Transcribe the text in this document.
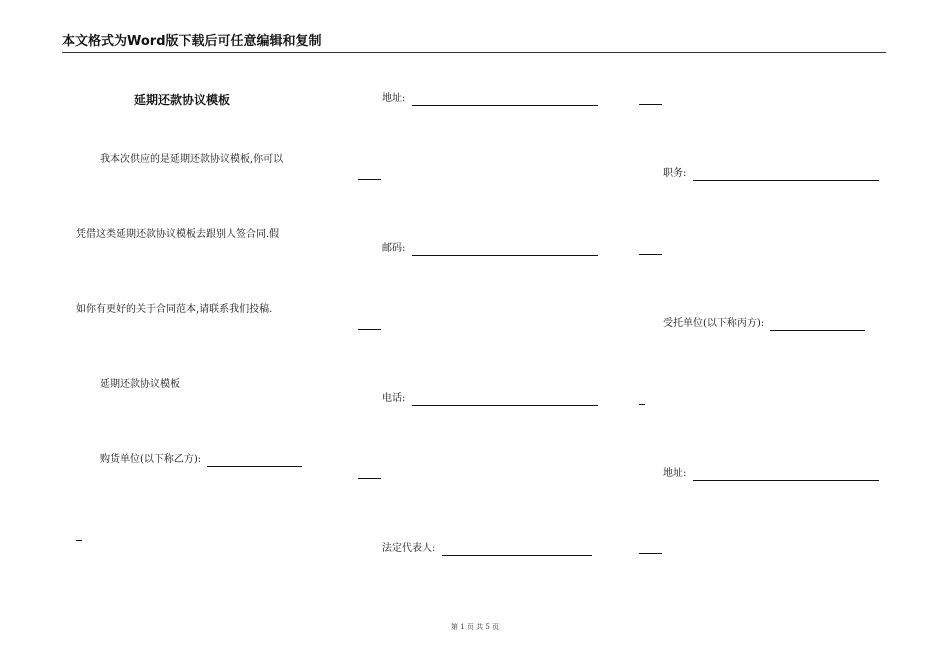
本文格式为Word版下载后可任意编辑和复制
延期还款协议模板
我本次供应的是延期还款协议模板,你可以
凭借这类延期还款协议模板去跟别人签合同.假
如你有更好的关于合同范本,请联系我们投稿.
延期还款协议模板
购货单位(以下称乙方):
地址:
邮码:
电话:
法定代表人:
职务:
受托单位(以下称丙方):
地址:
第 1 页 共 5 页
